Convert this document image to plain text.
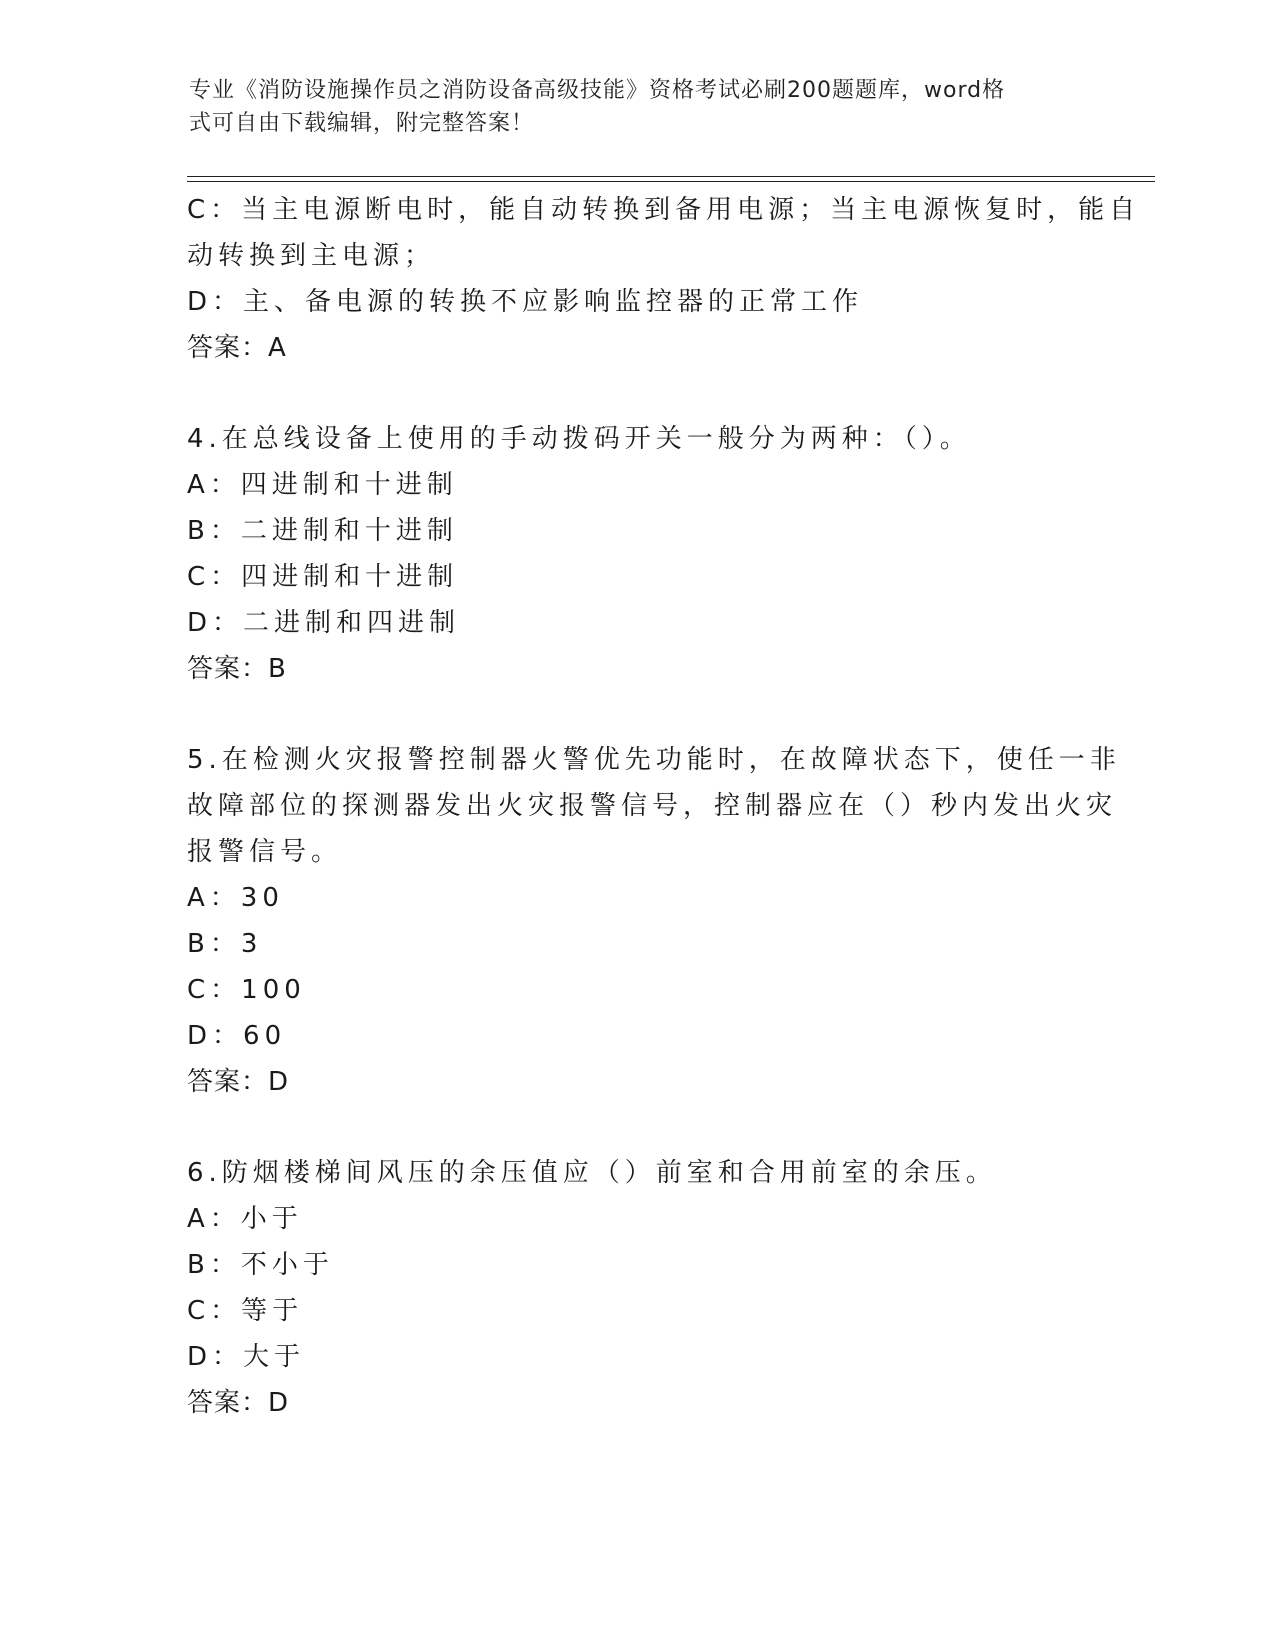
专业《消防设施操作员之消防设备高级技能》资格考试必刷200题题库，word格
式可自由下载编辑，附完整答案！
C：当主电源断电时，能自动转换到备用电源；当主电源恢复时，能自
动转换到主电源；
D：主、备电源的转换不应影响监控器的正常工作
答案：A
4.在总线设备上使用的手动拨码开关一般分为两种：（）。
A：四进制和十进制
B：二进制和十进制
C：四进制和十进制
D：二进制和四进制
答案：B
5.在检测火灾报警控制器火警优先功能时，在故障状态下，使任一非
故障部位的探测器发出火灾报警信号，控制器应在（）秒内发出火灾
报警信号。
A：30
B：3
C：100
D：60
答案：D
6.防烟楼梯间风压的余压值应（）前室和合用前室的余压。
A：小于
B：不小于
C：等于
D：大于
答案：D
